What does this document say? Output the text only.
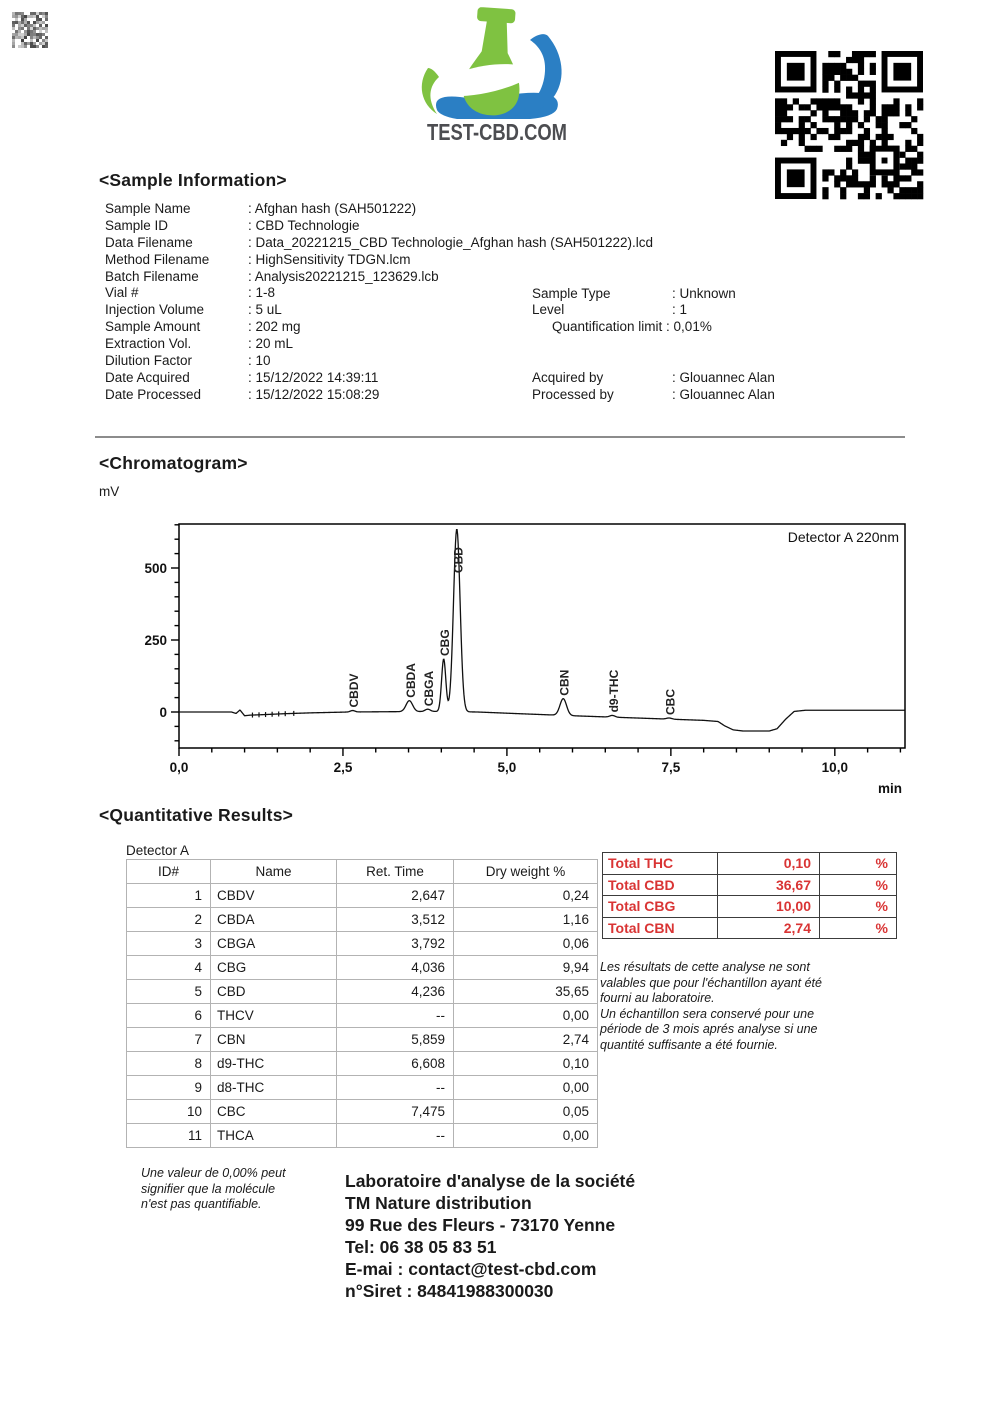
TEST-CBD.COM
<Sample Information>
Sample Name	: Afghan hash (SAH501222)
Sample ID	: CBD Technologie
Data Filename	: Data_20221215_CBD Technologie_Afghan hash (SAH501222).lcd
Method Filename	: HighSensitivity TDGN.lcm
Batch Filename	: Analysis20221215_123629.lcb
Vial #	: 1-8
Injection Volume	: 5 uL
Sample Amount	: 202 mg
Extraction Vol.	: 20 mL
Dilution Factor	: 10
Date Acquired	: 15/12/2022 14:39:11
Date Processed	: 15/12/2022 15:08:29
Sample Type	: Unknown
Level	: 1
Acquired by	: Glouannec Alan
Processed by	: Glouannec Alan
Quantification limit : 0,01%
<Chromatogram>
mV
0,0	2,5	5,0	7,5	10,0
min
0
250
500
Detector A 220nm
CBDV	CBDA CBGA
CBG
CBD
CBN	d9-THC	CBC
<Quantitative Results>
Detector A
ID#	Name	Ret. Time	Dry weight %
1	CBDV	2,647	0,24
2	CBDA	3,512	1,16
3	CBGA	3,792	0,06
4	CBG	4,036	9,94
5	CBD	4,236	35,65
6	THCV	--	0,00
7	CBN	5,859	2,74
8	d9-THC	6,608	0,10
9	d8-THC	--	0,00
10	CBC	7,475	0,05
11	THCA	--	0,00
Total THC	0,10	%
Total CBD	36,67	%
Total CBG	10,00	%
Total CBN	2,74	%
Les résultats de cette analyse ne sont
valables que pour l'échantillon ayant été
fourni au laboratoire.
Un échantillon sera conservé pour une
période de 3 mois aprés analyse si une
quantité suffisante a été fournie.
Une valeur de 0,00% peut
signifier que la molécule
n'est pas quantifiable.
Laboratoire d'analyse de la société
TM Nature distribution
99 Rue des Fleurs - 73170 Yenne
Tel: 06 38 05 83 51
E-mai : contact@test-cbd.com
n°Siret : 84841988300030
